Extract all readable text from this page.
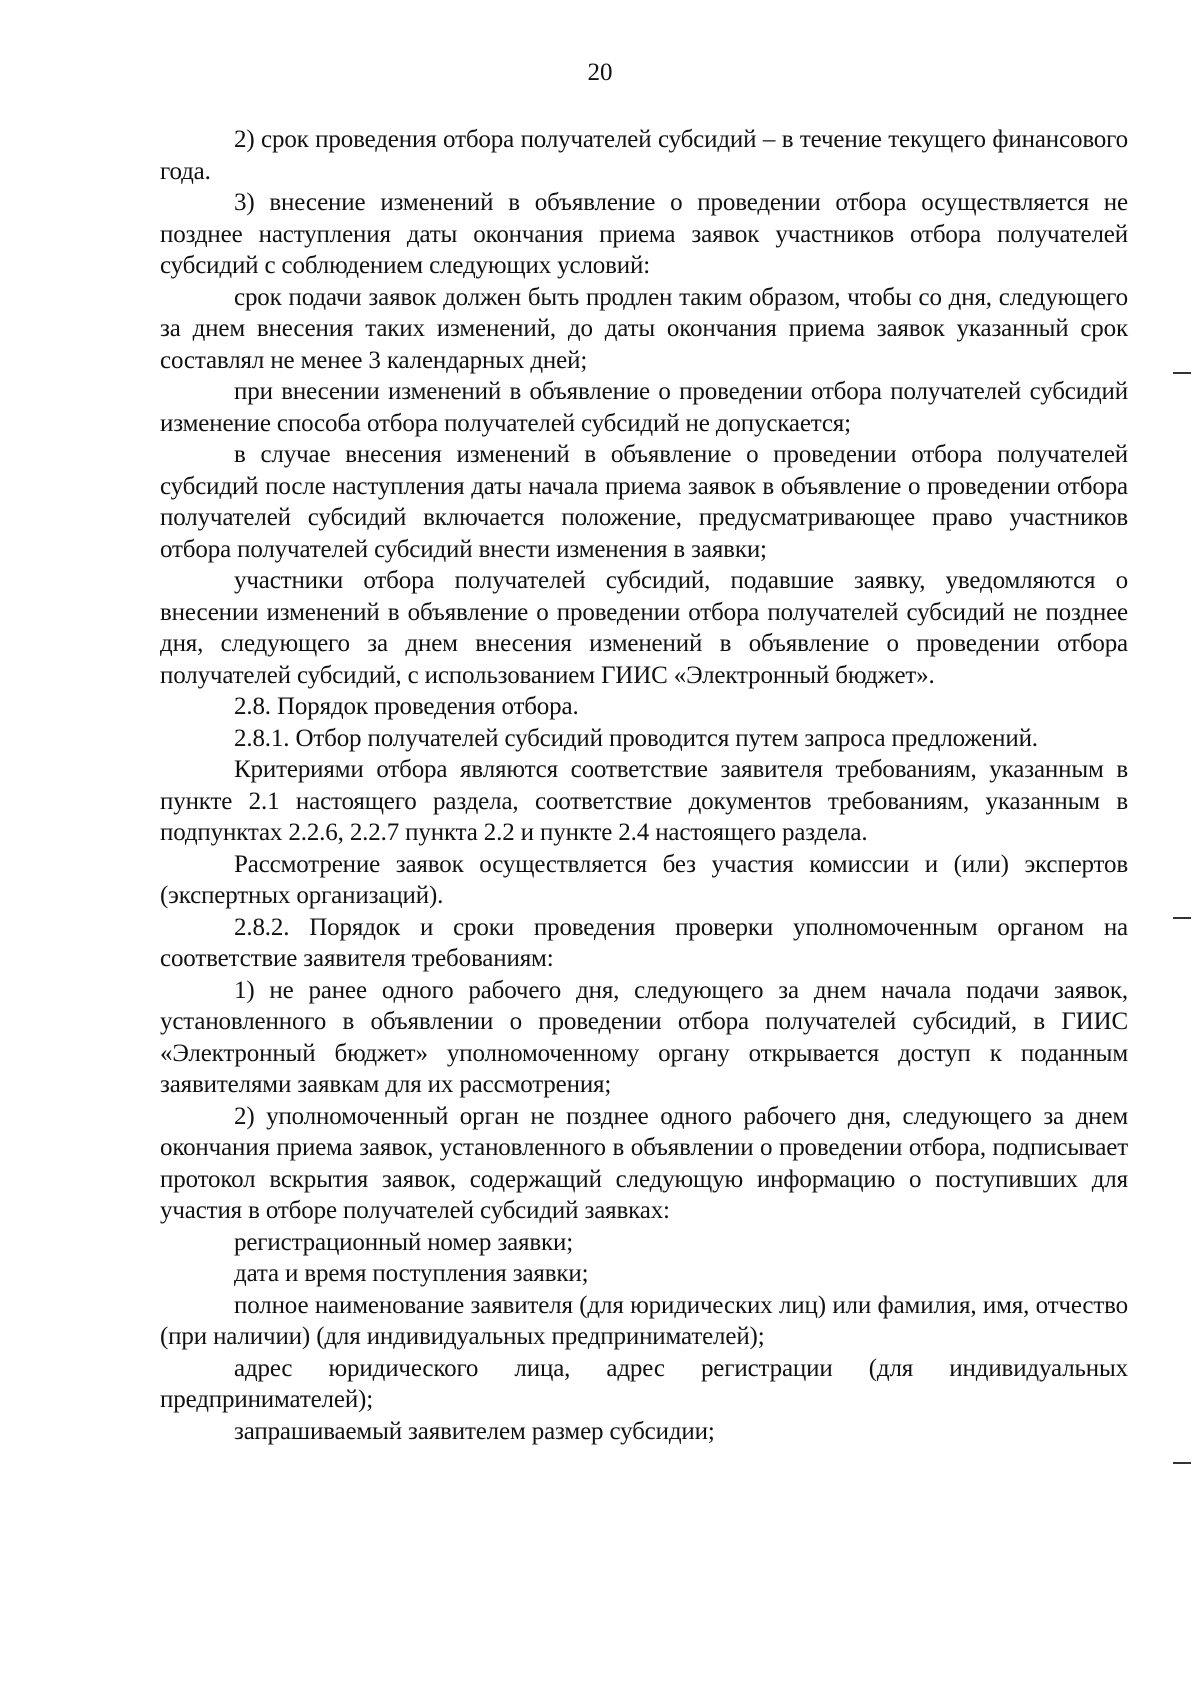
20

2) срок проведения отбора получателей субсидий – в течение текущего финансового года.

3) внесение изменений в объявление о проведении отбора осуществляется не позднее наступления даты окончания приема заявок участников отбора получателей субсидий с соблюдением следующих условий:

срок подачи заявок должен быть продлен таким образом, чтобы со дня, следующего за днем внесения таких изменений, до даты окончания приема заявок указанный срок составлял не менее 3 календарных дней;

при внесении изменений в объявление о проведении отбора получателей субсидий изменение способа отбора получателей субсидий не допускается;

в случае внесения изменений в объявление о проведении отбора получателей субсидий после наступления даты начала приема заявок в объявление о проведении отбора получателей субсидий включается положение, предусматривающее право участников отбора получателей субсидий внести изменения в заявки;

участники отбора получателей субсидий, подавшие заявку, уведомляются о внесении изменений в объявление о проведении отбора получателей субсидий не позднее дня, следующего за днем внесения изменений в объявление о проведении отбора получателей субсидий, с использованием ГИИС «Электронный бюджет».

2.8. Порядок проведения отбора.

2.8.1. Отбор получателей субсидий проводится путем запроса предложений.

Критериями отбора являются соответствие заявителя требованиям, указанным в пункте 2.1 настоящего раздела, соответствие документов требованиям, указанным в подпунктах 2.2.6, 2.2.7 пункта 2.2 и пункте 2.4 настоящего раздела.

Рассмотрение заявок осуществляется без участия комиссии и (или) экспертов (экспертных организаций).

2.8.2. Порядок и сроки проведения проверки уполномоченным органом на соответствие заявителя требованиям:

1) не ранее одного рабочего дня, следующего за днем начала подачи заявок, установленного в объявлении о проведении отбора получателей субсидий, в ГИИС «Электронный бюджет» уполномоченному органу открывается доступ к поданным заявителями заявкам для их рассмотрения;

2) уполномоченный орган не позднее одного рабочего дня, следующего за днем окончания приема заявок, установленного в объявлении о проведении отбора, подписывает протокол вскрытия заявок, содержащий следующую информацию о поступивших для участия в отборе получателей субсидий заявках:

регистрационный номер заявки;

дата и время поступления заявки;

полное наименование заявителя (для юридических лиц) или фамилия, имя, отчество (при наличии) (для индивидуальных предпринимателей);

адрес юридического лица, адрес регистрации (для индивидуальных предпринимателей);

запрашиваемый заявителем размер субсидии;
